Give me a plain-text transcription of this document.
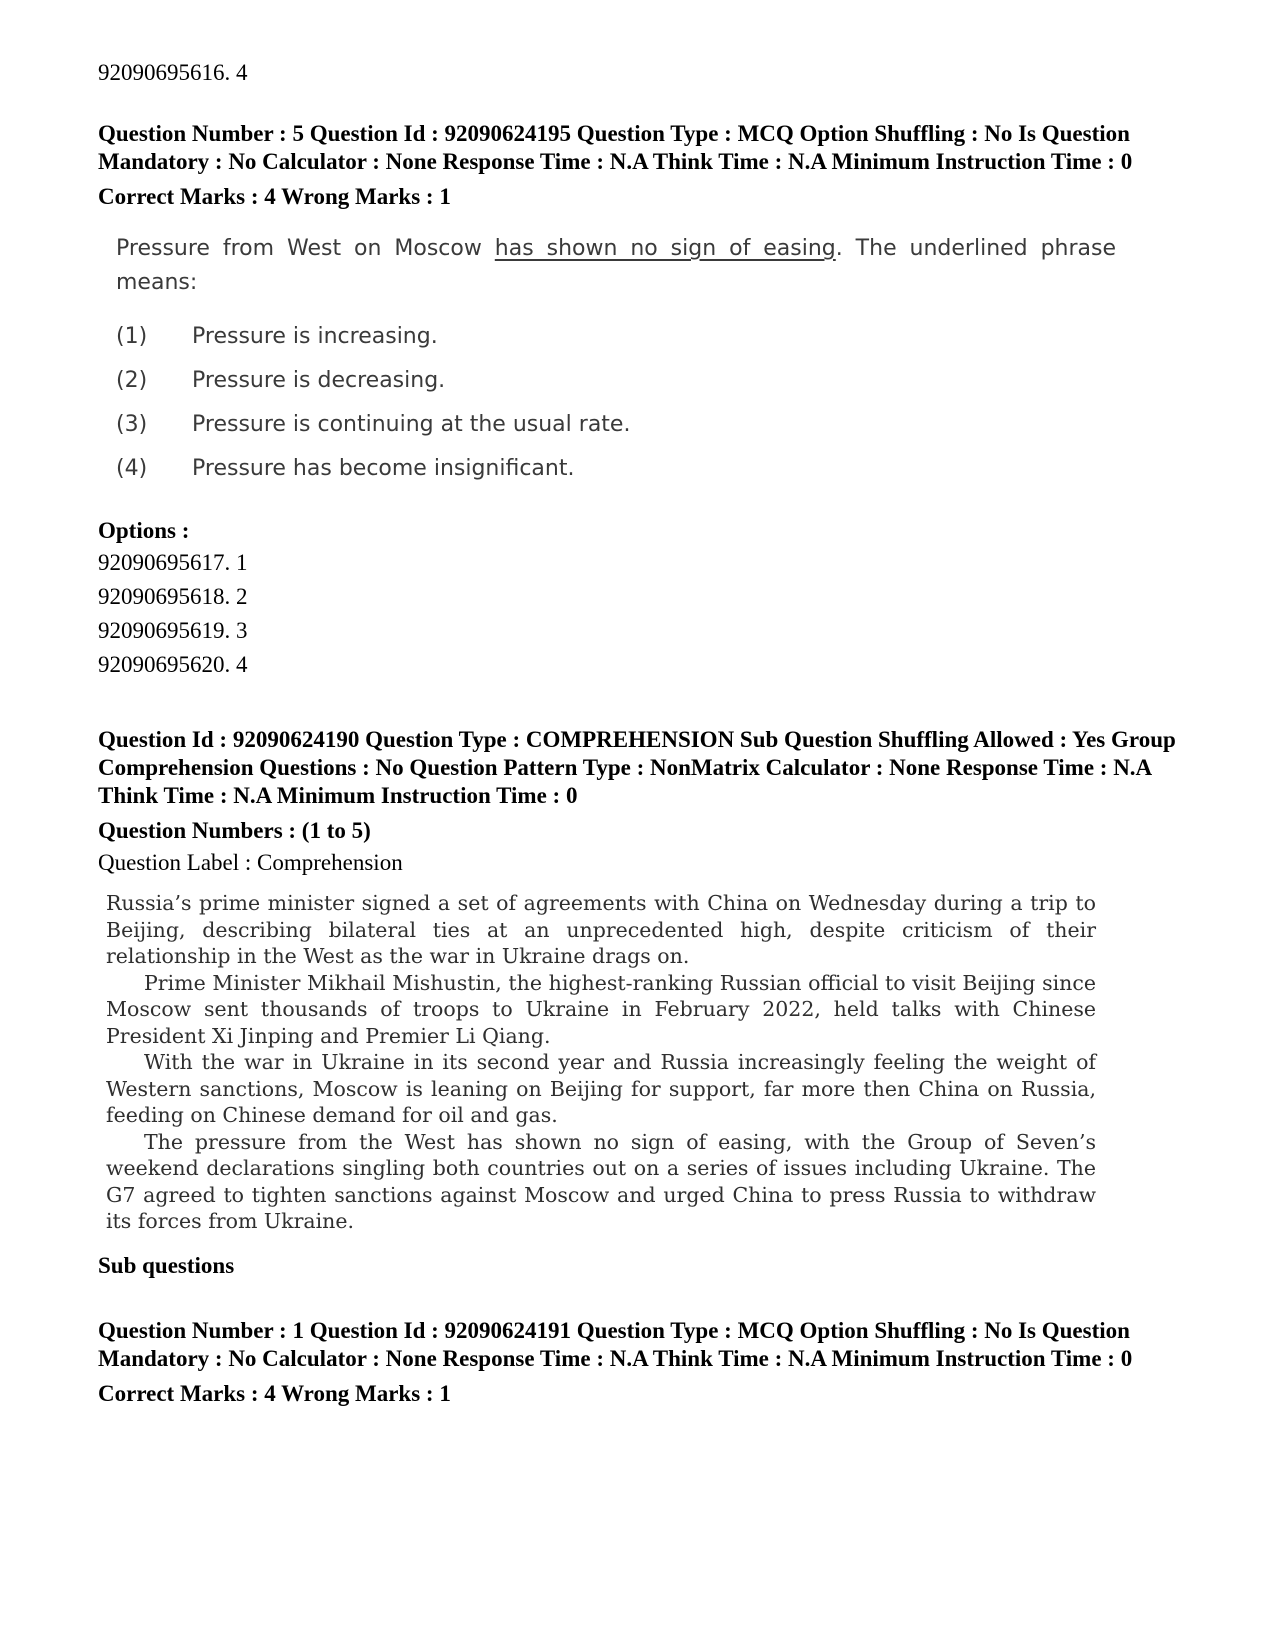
92090695616. 4

Question Number : 5 Question Id : 92090624195 Question Type : MCQ Option Shuffling : No Is Question Mandatory : No Calculator : None Response Time : N.A Think Time : N.A Minimum Instruction Time : 0

Correct Marks : 4 Wrong Marks : 1

Pressure from West on Moscow has shown no sign of easing. The underlined phrase means:

(1)	Pressure is increasing.
(2)	Pressure is decreasing.
(3)	Pressure is continuing at the usual rate.
(4)	Pressure has become insignificant.

Options :

92090695617. 1

92090695618. 2

92090695619. 3

92090695620. 4

Question Id : 92090624190 Question Type : COMPREHENSION Sub Question Shuffling Allowed : Yes Group Comprehension Questions : No Question Pattern Type : NonMatrix Calculator : None Response Time : N.A Think Time : N.A Minimum Instruction Time : 0

Question Numbers : (1 to 5)

Question Label : Comprehension

Russia’s prime minister signed a set of agreements with China on Wednesday during a trip to Beijing, describing bilateral ties at an unprecedented high, despite criticism of their relationship in the West as the war in Ukraine drags on.

Prime Minister Mikhail Mishustin, the highest-ranking Russian official to visit Beijing since Moscow sent thousands of troops to Ukraine in February 2022, held talks with Chinese President Xi Jinping and Premier Li Qiang.

With the war in Ukraine in its second year and Russia increasingly feeling the weight of Western sanctions, Moscow is leaning on Beijing for support, far more then China on Russia, feeding on Chinese demand for oil and gas.

The pressure from the West has shown no sign of easing, with the Group of Seven’s weekend declarations singling both countries out on a series of issues including Ukraine. The G7 agreed to tighten sanctions against Moscow and urged China to press Russia to withdraw its forces from Ukraine.

Sub questions

Question Number : 1 Question Id : 92090624191 Question Type : MCQ Option Shuffling : No Is Question Mandatory : No Calculator : None Response Time : N.A Think Time : N.A Minimum Instruction Time : 0

Correct Marks : 4 Wrong Marks : 1
